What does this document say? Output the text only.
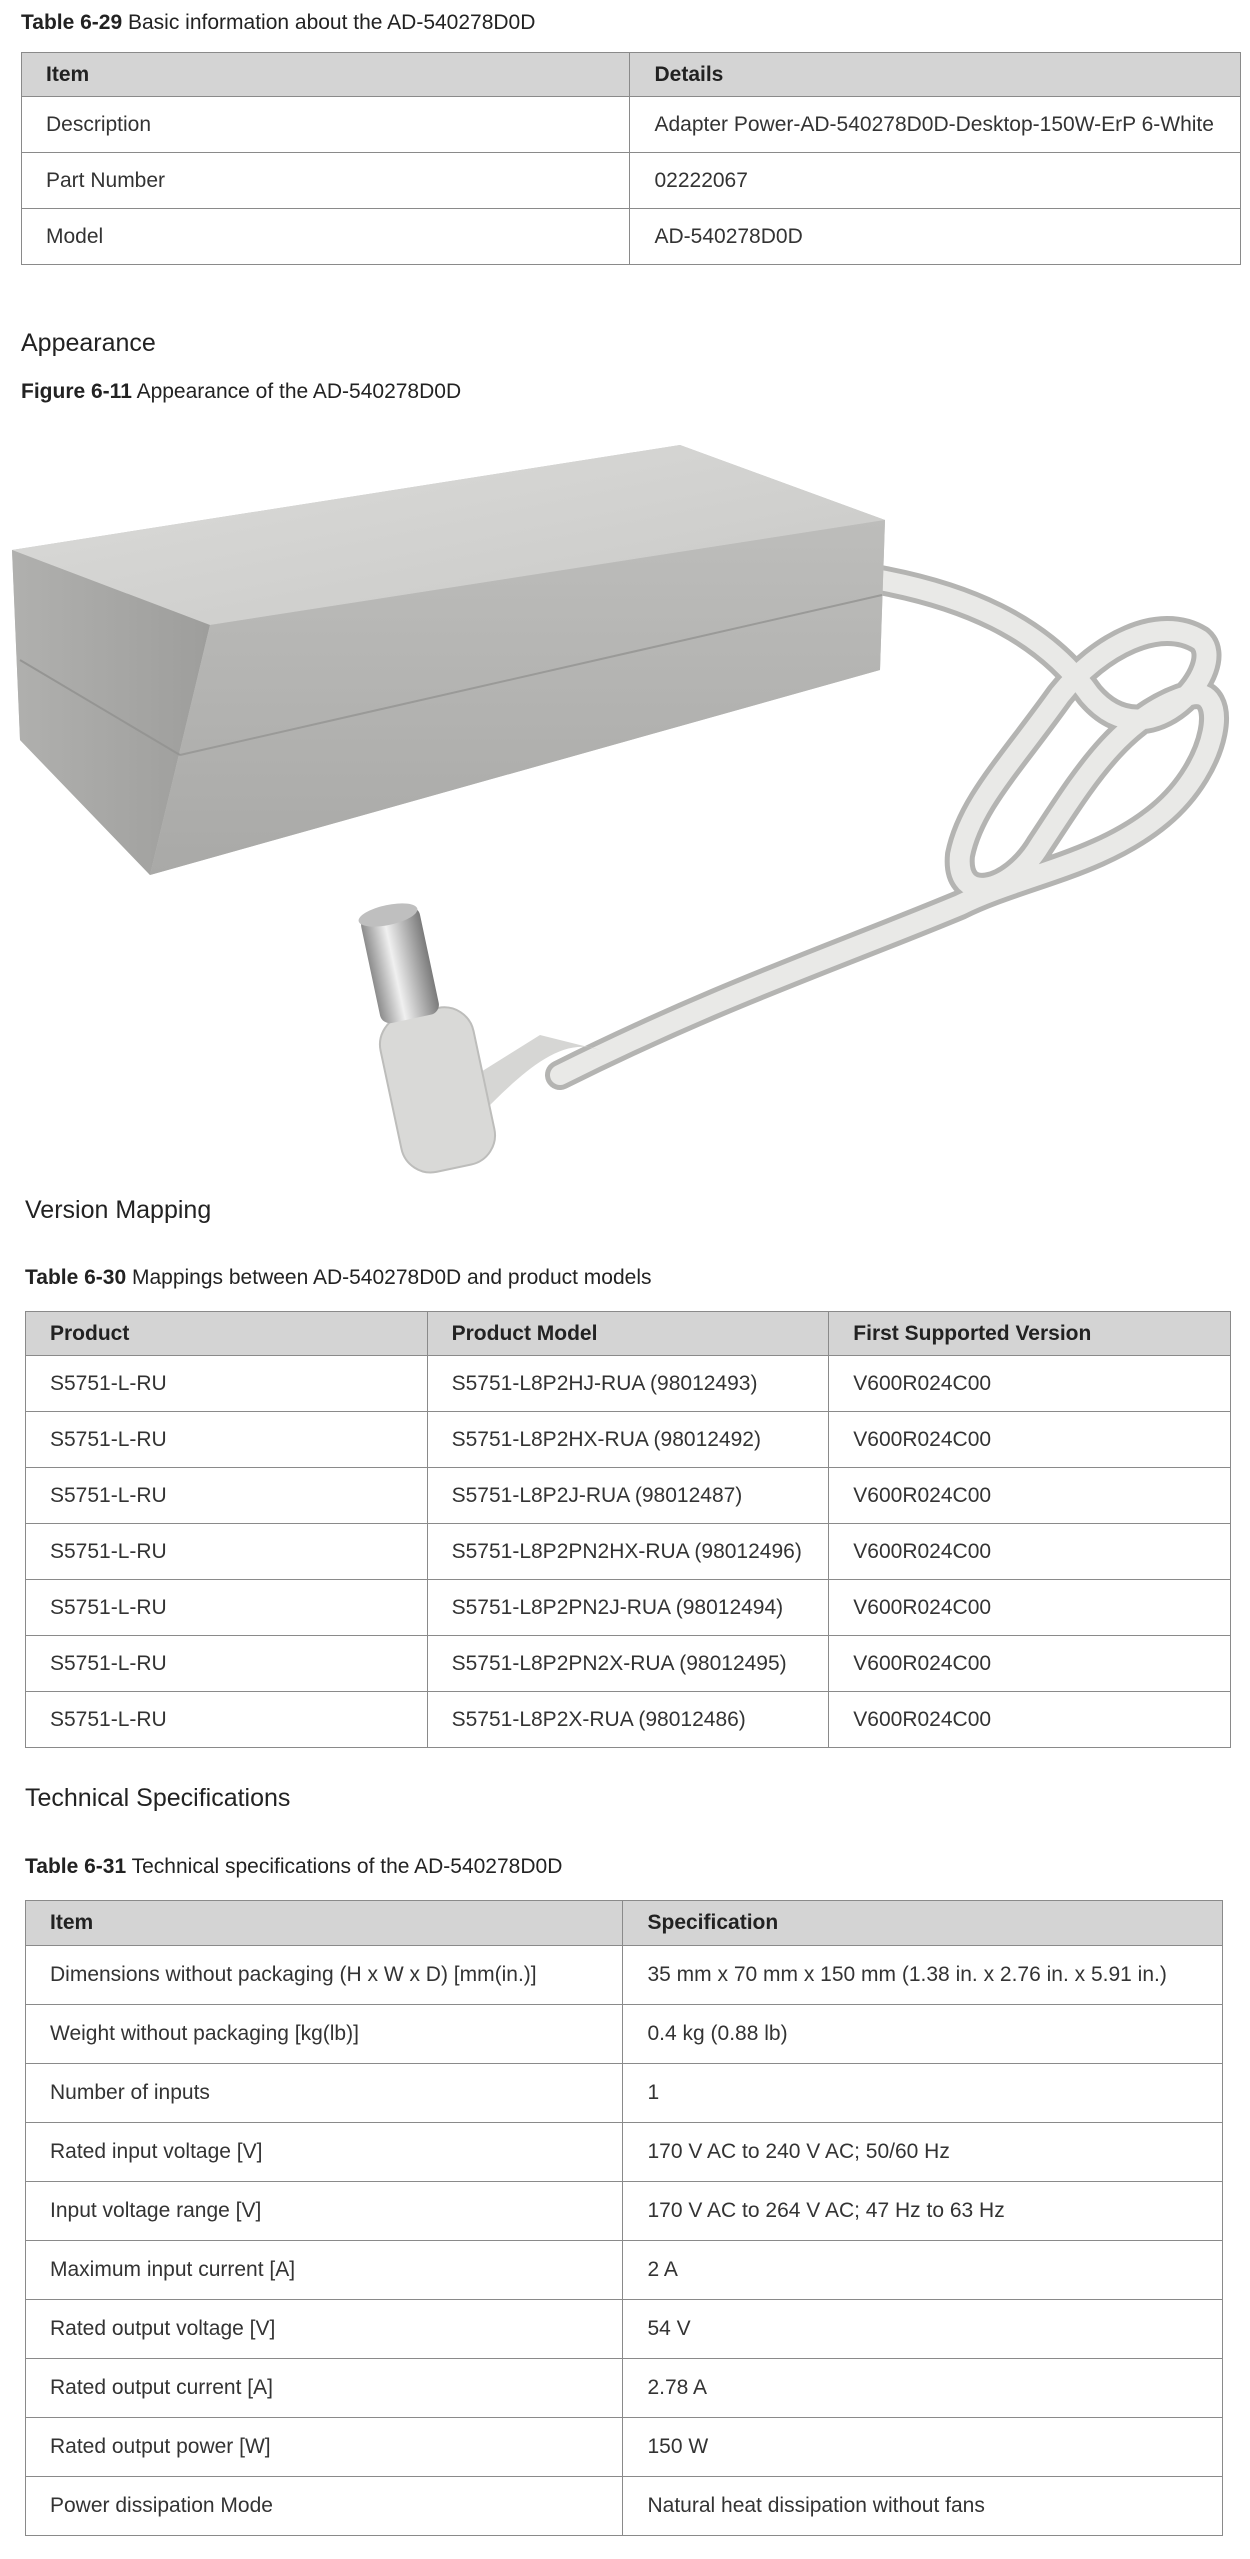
Table 6-29 Basic information about the AD-540278D0D
Item	Details
Description	Adapter Power-AD-540278D0D-Desktop-150W-ErP 6-White
Part Number	02222067
Model	AD-540278D0D
Appearance
Figure 6-11 Appearance of the AD-540278D0D
Version Mapping
Table 6-30 Mappings between AD-540278D0D and product models
Product	Product Model	First Supported Version
S5751-L-RU	S5751-L8P2HJ-RUA (98012493)	V600R024C00
S5751-L-RU	S5751-L8P2HX-RUA (98012492)	V600R024C00
S5751-L-RU	S5751-L8P2J-RUA (98012487)	V600R024C00
S5751-L-RU	S5751-L8P2PN2HX-RUA (98012496)	V600R024C00
S5751-L-RU	S5751-L8P2PN2J-RUA (98012494)	V600R024C00
S5751-L-RU	S5751-L8P2PN2X-RUA (98012495)	V600R024C00
S5751-L-RU	S5751-L8P2X-RUA (98012486)	V600R024C00
Technical Specifications
Table 6-31 Technical specifications of the AD-540278D0D
Item	Specification
Dimensions without packaging (H x W x D) [mm(in.)]	35 mm x 70 mm x 150 mm (1.38 in. x 2.76 in. x 5.91 in.)
Weight without packaging [kg(lb)]	0.4 kg (0.88 lb)
Number of inputs	1
Rated input voltage [V]	170 V AC to 240 V AC; 50/60 Hz
Input voltage range [V]	170 V AC to 264 V AC; 47 Hz to 63 Hz
Maximum input current [A]	2 A
Rated output voltage [V]	54 V
Rated output current [A]	2.78 A
Rated output power [W]	150 W
Power dissipation Mode	Natural heat dissipation without fans
